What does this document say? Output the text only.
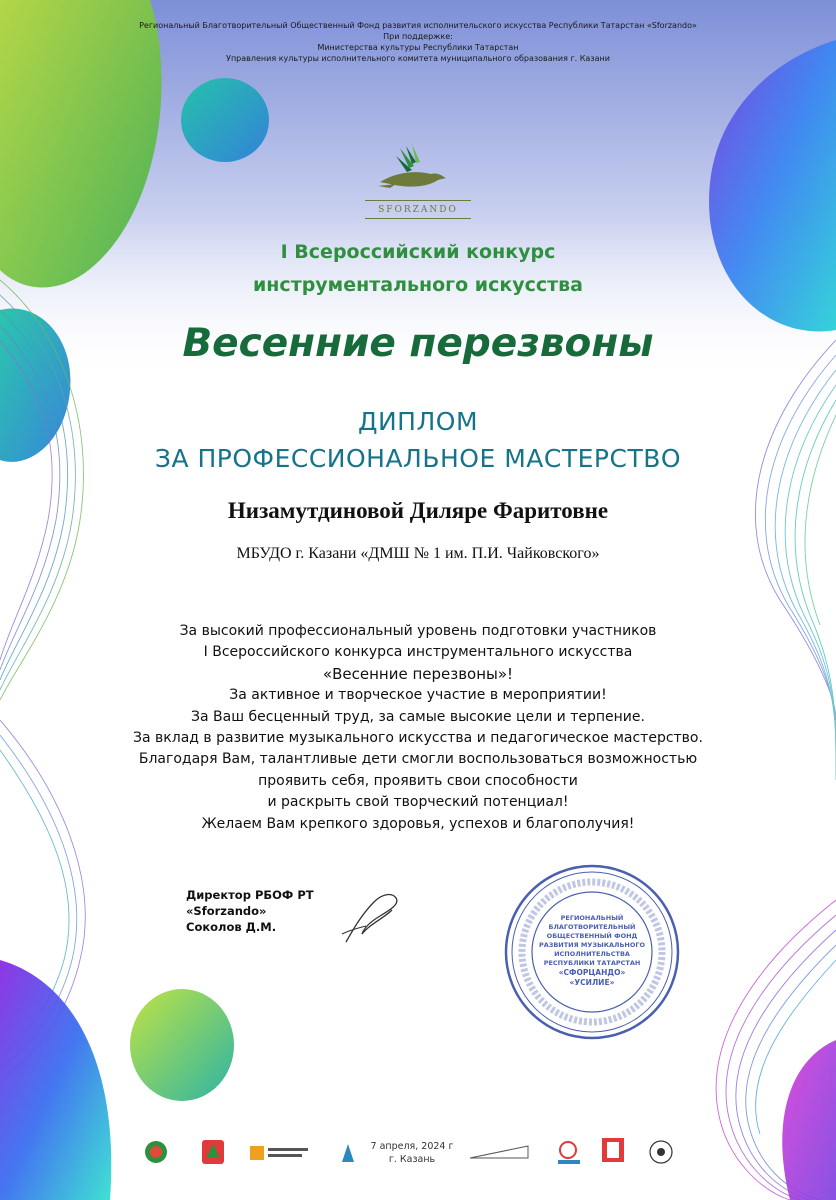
Региональный Благотворительный Общественный Фонд развития исполнительского искусства Республики Татарстан «Sforzando»
При поддержке:
Министерства культуры Республики Татарстан
Управления культуры исполнительного комитета муниципального образования г. Казани
SFORZANDO
I Всероссийский конкурс
инструментального искусства
Весенние перезвоны
ДИПЛОМ
ЗА ПРОФЕССИОНАЛЬНОЕ МАСТЕРСТВО
Низамутдиновой Диляре Фаритовне
МБУДО г. Казани «ДМШ № 1 им. П.И. Чайковского»
За высокий профессиональный уровень подготовки участников
I Всероссийского конкурса инструментального искусства
«Весенние перезвоны»!
За активное и творческое участие в мероприятии!
За Ваш бесценный труд, за самые высокие цели и терпение.
За вклад в развитие музыкального искусства и педагогическое мастерство.
Благодаря Вам, талантливые дети смогли воспользоваться возможностью
проявить себя, проявить свои способности
и раскрыть свой творческий потенциал!
Желаем Вам крепкого здоровья, успехов и благополучия!
Директор РБОФ РТ
«Sforzando»
Соколов Д.М.
РЕГИОНАЛЬНЫЙ
БЛАГОТВОРИТЕЛЬНЫЙ
ОБЩЕСТВЕННЫЙ ФОНД
РАЗВИТИЯ МУЗЫКАЛЬНОГО
ИСПОЛНИТЕЛЬСТВА
РЕСПУБЛИКИ ТАТАРСТАН
«СФОРЦАНДО»
«УСИЛИЕ»
7 апреля, 2024 г
г. Казань
